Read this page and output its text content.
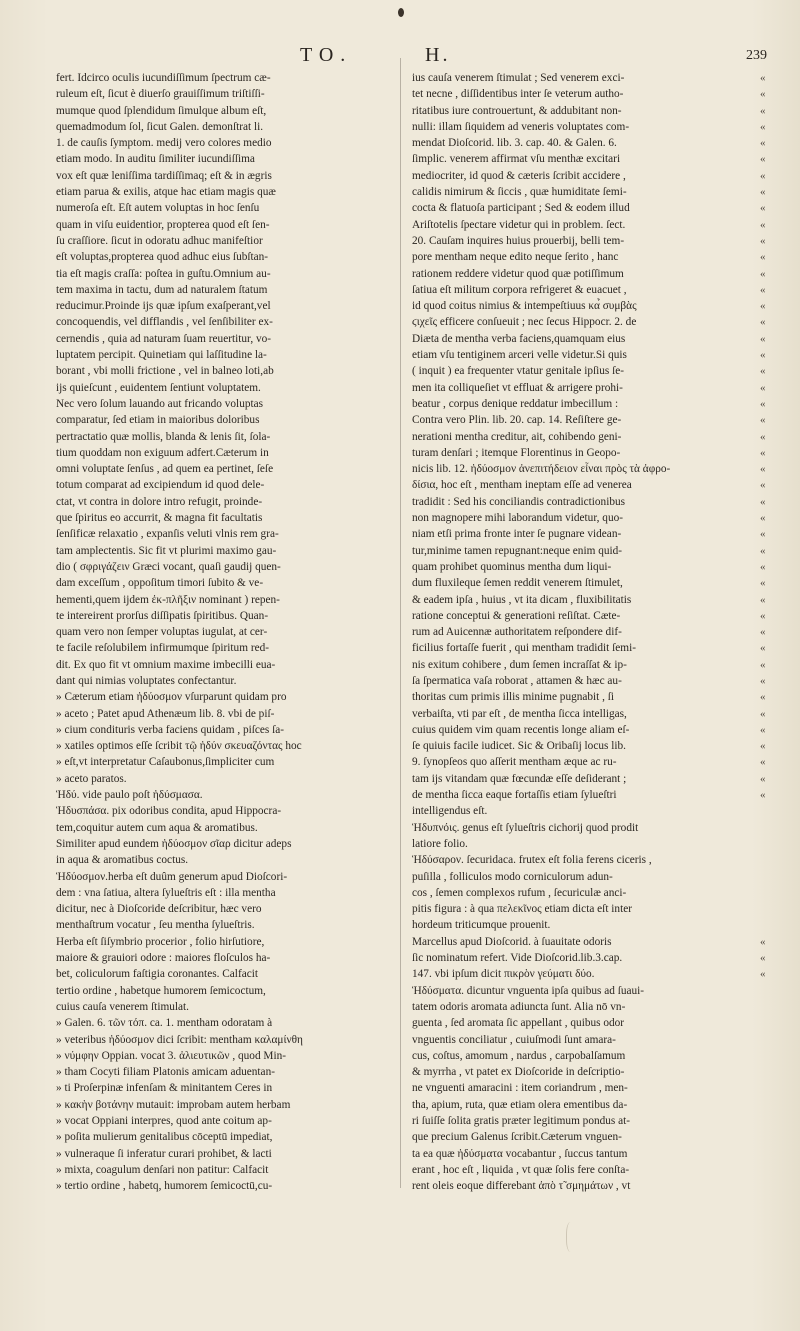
TO.	H.	239
fert. Idcirco oculis iucundiſſimum ſpectrum cæ-
ruleum eſt, ſicut è diuerſo grauiſſimum triſtiſſi-
mumque quod ſplendidum ſimulque album eſt,
quemadmodum ſol, ſicut Galen. demonſtrat li.
1. de cauſis ſymptom. medij vero colores medio
etiam modo. In auditu ſimiliter iucundiſſima
vox eſt quæ leniſſima tardiſſimaq; eſt & in ægris
etiam parua & exilis, atque hac etiam magis quæ
numeroſa eſt. Eſt autem voluptas in hoc ſenſu
quam in viſu euidentior, propterea quod eſt ſen-
ſu craſſiore. ſicut in odoratu adhuc manifeſtior
eſt voluptas,propterea quod adhuc eius ſubſtan-
tia eſt magis craſſa: poſtea in guſtu.Omnium au-
tem maxima in tactu, dum ad naturalem ſtatum
reducimur.Proinde ijs quæ ipſum exaſperant,vel
concoquendis, vel difflandis , vel ſenſibiliter ex-
cernendis , quia ad naturam ſuam reuertitur, vo-
luptatem percipit. Quinetiam qui laſſitudine la-
borant , vbi molli frictione , vel in balneo loti,ab
ijs quieſcunt , euidentem ſentiunt voluptatem.
Nec vero ſolum lauando aut fricando voluptas
comparatur, ſed etiam in maioribus doloribus
pertractatio quæ mollis, blanda & lenis ſit, ſola-
tium quoddam non exiguum adfert.Cæterum in
omni voluptate ſenſus , ad quem ea pertinet, ſeſe
totum comparat ad excipiendum id quod dele-
ctat, vt contra in dolore intro refugit, proinde-
que ſpiritus eo accurrit, & magna fit facultatis
ſenſificæ relaxatio , expanſis veluti vlnis rem gra-
tam amplectentis. Sic fit vt plurimi maximo gau-
dio ( σφριγάζειν Græci vocant, quaſi gaudij quen-
dam exceſſum , oppoſitum timori ſubito & ve-
hementi,quem ijdem ἐκ-πλῆξιν nominant ) repen-
te intereirent prorſus diſſipatis ſpiritibus. Quan-
quam vero non ſemper voluptas iugulat, at cer-
te facile reſolubilem infirmumque ſpiritum red-
dit. Ex quo fit vt omnium maxime imbecilli eua-
dant qui nimias voluptates confectantur.
» Cæterum etiam ἡδύοσμον vſurparunt quidam pro
» aceto ; Patet apud Athenæum lib. 8. vbi de piſ-
» cium condituris verba faciens quidam , piſces ſa-
» xatiles optimos eſſe ſcribit τῷ ἡδύν σκευαζόντας hoc
» eſt,vt interpretatur Caſaubonus,ſimpliciter cum
» aceto paratos.
Ἡδύ. vide paulo poſt ἡδύσμασα.
Ἡδυσπάσα. pix odoribus condita, apud Hippocra-
tem,coquitur autem cum aqua & aromatibus.
Similiter apud eundem ἡδύοσμον σῖαρ dicitur adeps
in aqua & aromatibus coctus.
Ἡδύοσμον.herba eſt duûm generum apud Dioſcori-
dem : vna ſatiua, altera ſylueſtris eſt : illa mentha
dicitur, nec à Dioſcoride deſcribitur, hæc vero
menthaſtrum vocatur , ſeu mentha ſylueſtris.
Herba eſt ſiſymbrio procerior , folio hirſutiore,
maiore & grauiori odore : maiores floſculos ha-
bet, coliculorum faſtigia coronantes. Calfacit
tertio ordine , habetque humorem ſemicoctum,
cuius cauſa venerem ſtimulat.
» Galen. 6. τῶν τόπ. ca. 1. mentham odoratam à
» veteribus ἡδύοσμον dici ſcribit: mentham καλαμίνθη
» νύμφην Oppian. vocat 3. ἀλιευτικῶν , quod Min-
» tham Cocyti filiam Platonis amicam aduentan-
» ti Proſerpinæ infenſam & minitantem Ceres in
» κακὴν βοτάνην mutauit: improbam autem herbam
» vocat Oppiani interpres, quod ante coitum ap-
» poſita mulierum genitalibus cōceptū impediat,
» vulneraque ſi inferatur curari prohibet, & lacti
» mixta, coagulum denſari non patitur: Calfacit
» tertio ordine , habetq, humorem ſemicoctū,cu-
ius cauſa venerem ſtimulat ; Sed venerem exci-
tet necne , diſſidentibus inter ſe veterum autho-
ritatibus iure controuertunt, & addubitant non-
nulli: illam ſiquidem ad veneris voluptates com-
mendat Dioſcorid. lib. 3. cap. 40. & Galen. 6.
ſimplic. venerem affirmat vſu menthæ excitari
mediocriter, id quod & cæteris ſcribit accidere ,
calidis nimirum & ſiccis , quæ humiditate ſemi-
cocta & flatuoſa participant ; Sed & eodem illud
Ariſtotelis ſpectare videtur qui in problem. ſect.
20. Cauſam inquires huius prouerbij, belli tem-
pore mentham neque edito neque ſerito , hanc
rationem reddere videtur quod quæ potiſſimum
ſatiua eſt militum corpora refrigeret & euacuet ,
id quod coitus nimius & intempeſtiuus κα̉ συμβὰς
ϛιχεῖς efficere conſueuit ; nec ſecus Hippocr. 2. de
Diæta de mentha verba faciens,quamquam eius
etiam vſu tentiginem arceri velle videtur.Si quis
( inquit ) ea frequenter vtatur genitale ipſius ſe-
men ita colliqueſiet vt effluat & arrigere prohi-
beatur , corpus denique reddatur imbecillum :
Contra vero Plin. lib. 20. cap. 14. Reſiſtere ge-
nerationi mentha creditur, ait, cohibendo geni-
turam denſari ; itemque Florentinus in Geopo-
nicis lib. 12. ἡδύοσμον ἀνεπιτήδειον εἶναι πρὸς τὰ ἀφρο-
δίσια, hoc eſt , mentham ineptam eſſe ad venerea
tradidit : Sed his conciliandis contradictionibus
non magnopere mihi laborandum videtur, quo-
niam etſi prima fronte inter ſe pugnare videan-
tur,minime tamen repugnant:neque enim quid-
quam prohibet quominus mentha dum liqui-
dum fluxileque ſemen reddit venerem ſtimulet,
& eadem ipſa , huius , vt ita dicam , fluxibilitatis
ratione conceptui & generationi reſiſtat. Cæte-
rum ad Auicennæ authoritatem reſpondere dif-
ficilius fortaſſe fuerit , qui mentham tradidit ſemi-
nis exitum cohibere , dum ſemen incraſſat & ip-
ſa ſpermatica vaſa roborat , attamen & hæc au-
thoritas cum primis illis minime pugnabit , ſi
verbaiſta, vti par eſt , de mentha ſicca intelligas,
cuius quidem vim quam recentis longe aliam eſ-
ſe quiuis facile iudicet. Sic & Oribaſij locus lib.
9. ſynopſeos quo aſſerit mentham æque ac ru-
tam ijs vitandam quæ fœcundæ eſſe deſiderant ;
de mentha ſicca eaque fortaſſis etiam ſylueſtri
intelligendus eſt.
Ἡδυπνόις. genus eſt ſylueſtris cichorij quod prodit
latiore folio.
Ἡδύσαρον. ſecuridaca. frutex eſt folia ferens ciceris ,
puſilla , folliculos modo corniculorum adun-
cos , ſemen complexos rufum , ſecuriculæ anci-
pitis figura : à qua πελεκῖνος etiam dicta eſt inter
hordeum triticumque prouenit.
Marcellus apud Dioſcorid. à ſuauitate odoris
ſic nominatum refert. Vide Dioſcorid.lib.3.cap.
147. vbi ipſum dicit πικρὸν γεύματι δύο.
Ἡδύσματα. dicuntur vnguenta ipſa quibus ad ſuaui-
tatem odoris aromata adiuncta ſunt. Alia nō vn-
guenta , ſed aromata ſic appellant , quibus odor
vnguentis conciliatur , cuiuſmodi ſunt amara-
cus, coſtus, amomum , nardus , carpobalſamum
& myrrha , vt patet ex Dioſcoride in deſcriptio-
ne vnguenti amaracini : item coriandrum , men-
tha, apium, ruta, quæ etiam olera ementibus da-
ri ſuiſſe ſolita gratis præter legitimum pondus at-
que precium Galenus ſcribit.Cæterum vnguen-
ta ea quæ ἡδύσματα vocabantur , ſuccus tantum
erant , hoc eſt , liquida , vt quæ ſolis fere conſta-
rent oleis eoque differebant ἀπὸ τ̃ σμημάτων , vt
«
«
«
«
«
«
«
«
«
«
«
«
«
«
«
«
«
«
«
«
«
«
«
«
«
«
«
«
«
«
«
«
«
«
«
«
«
«
«
«
«
«
«
«
«
«
«
«
